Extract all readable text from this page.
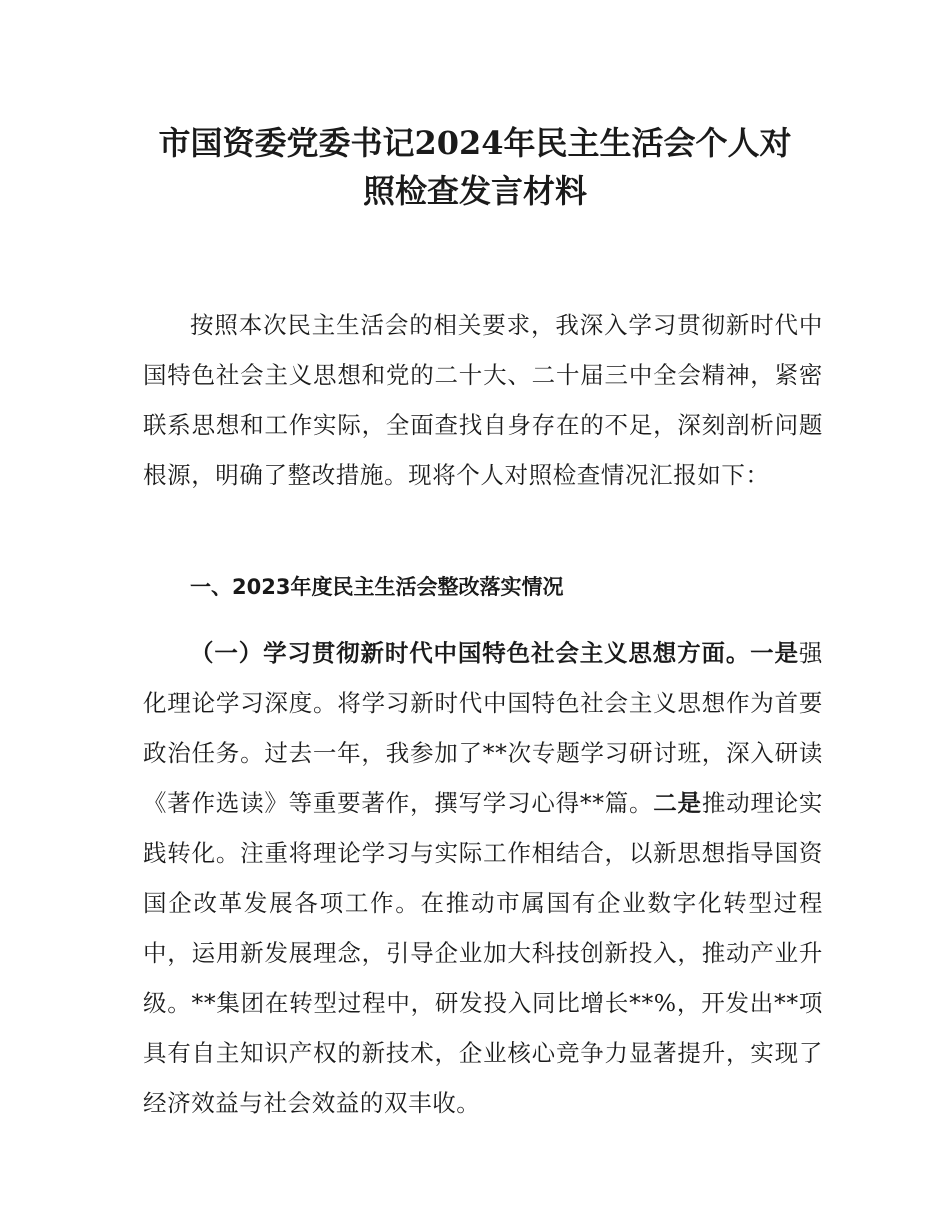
市国资委党委书记2024年民主生活会个人对
照检查发言材料

按照本次民主生活会的相关要求，我深入学习贯彻新时代中国特色社会主义思想和党的二十大、二十届三中全会精神，紧密联系思想和工作实际，全面查找自身存在的不足，深刻剖析问题根源，明确了整改措施。现将个人对照检查情况汇报如下：

一、2023年度民主生活会整改落实情况

（一）学习贯彻新时代中国特色社会主义思想方面。一是强化理论学习深度。将学习新时代中国特色社会主义思想作为首要政治任务。过去一年，我参加了**次专题学习研讨班，深入研读《著作选读》等重要著作，撰写学习心得**篇。二是推动理论实践转化。注重将理论学习与实际工作相结合，以新思想指导国资国企改革发展各项工作。在推动市属国有企业数字化转型过程中，运用新发展理念，引导企业加大科技创新投入，推动产业升级。**集团在转型过程中，研发投入同比增长**%，开发出**项具有自主知识产权的新技术，企业核心竞争力显著提升，实现了经济效益与社会效益的双丰收。
